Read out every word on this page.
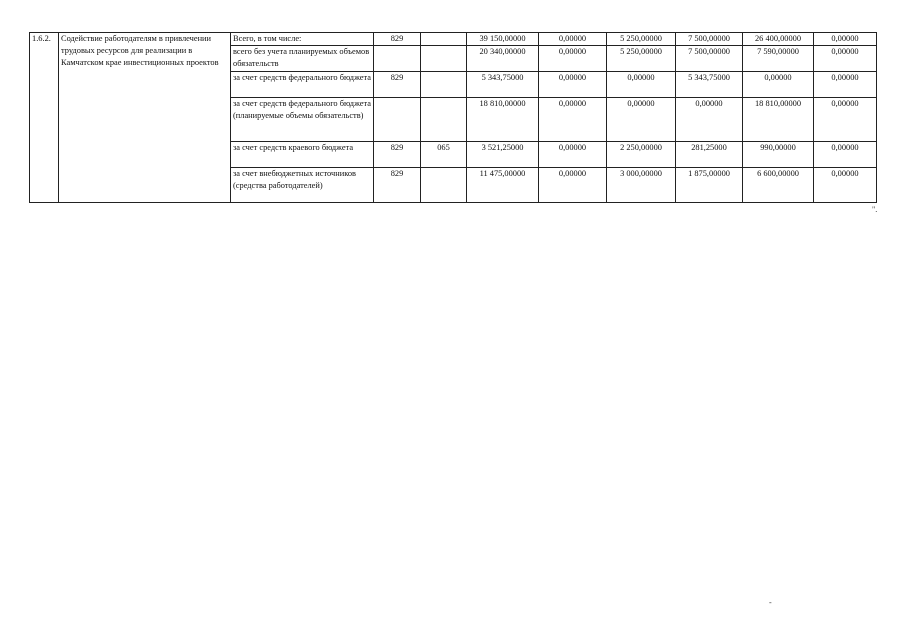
1.6.2.	Содействие работодателям в привлечении трудовых ресурсов для реализации в Камчатском крае инвестиционных проектов	Всего, в том числе:	829		39 150,00000	0,00000	5 250,00000	7 500,00000	26 400,00000	0,00000
		всего без учета планируемых объемов обязательств			20 340,00000	0,00000	5 250,00000	7 500,00000	7 590,00000	0,00000
		за счет средств федерального бюджета	829		5 343,75000	0,00000	0,00000	5 343,75000	0,00000	0,00000
		за счет средств федерального бюджета (планируемые объемы обязательств)			18 810,00000	0,00000	0,00000	0,00000	18 810,00000	0,00000
		за счет средств краевого бюджета	829	065	3 521,25000	0,00000	2 250,00000	281,25000	990,00000	0,00000
		за счет внебюджетных источников (средства работодателей)	829		11 475,00000	0,00000	3 000,00000	1 875,00000	6 600,00000	0,00000
".
-
